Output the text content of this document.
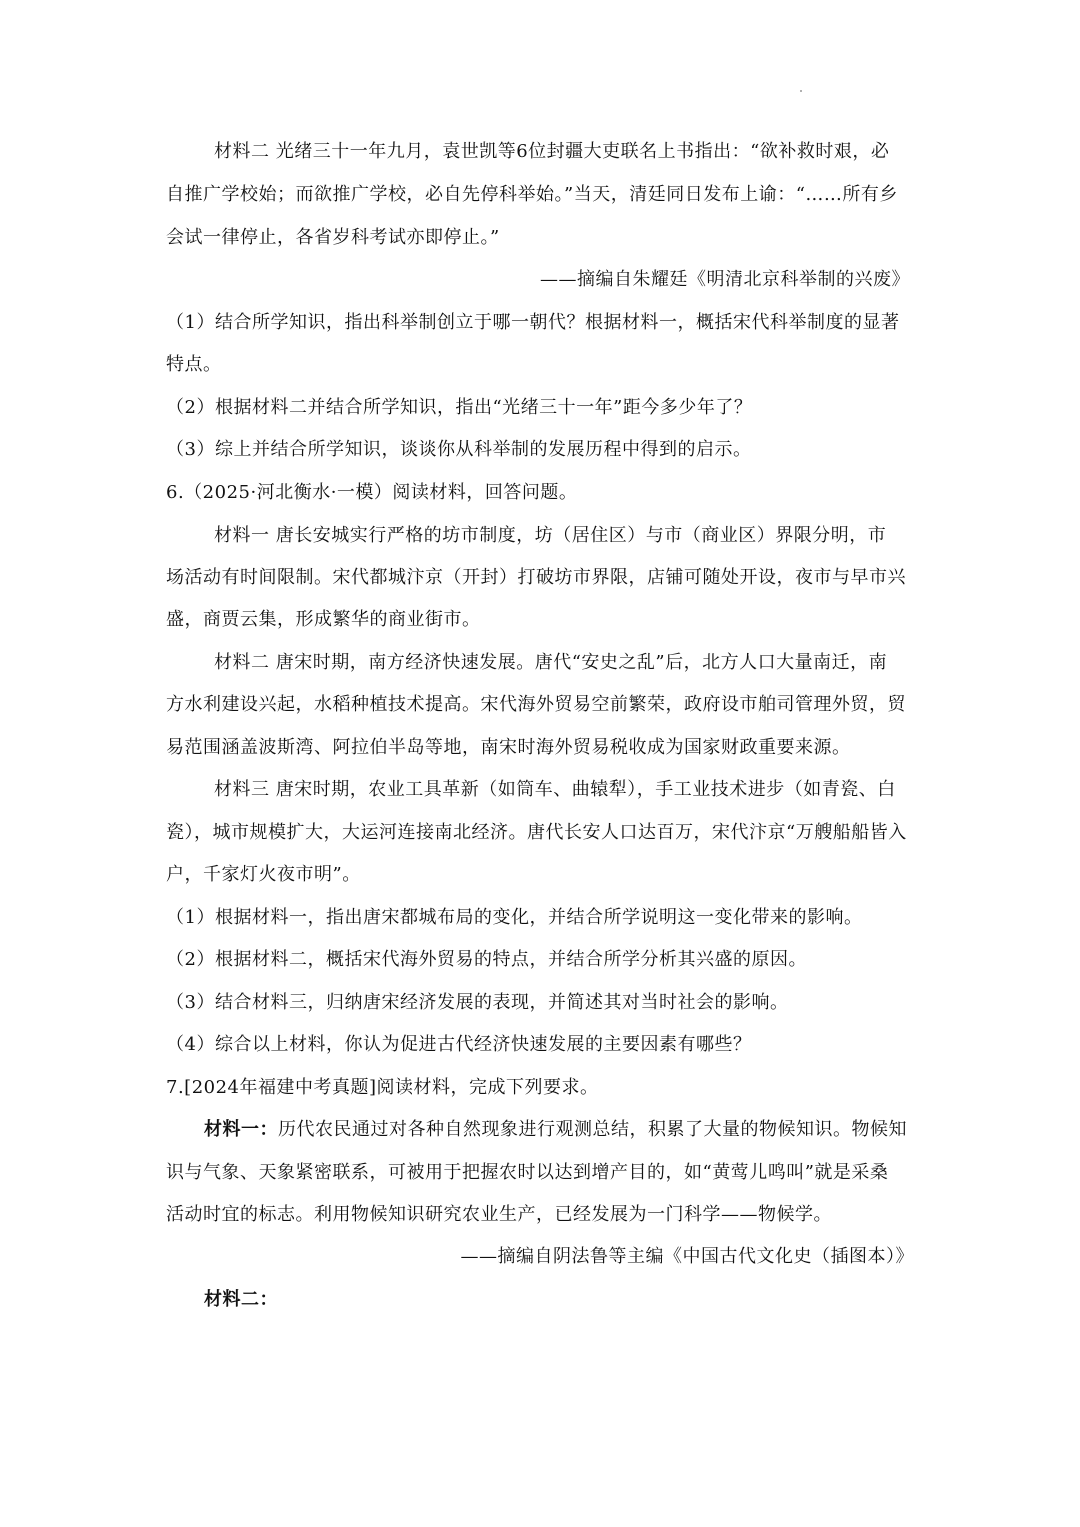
材料二 光绪三十一年九月，袁世凯等6位封疆大吏联名上书指出：“欲补救时艰，必
自推广学校始；而欲推广学校，必自先停科举始。”当天，清廷同日发布上谕：“……所有乡
会试一律停止，各省岁科考试亦即停止。”
——摘编自朱耀廷《明清北京科举制的兴废》
（1）结合所学知识，指出科举制创立于哪一朝代？根据材料一，概括宋代科举制度的显著
特点。
（2）根据材料二并结合所学知识，指出“光绪三十一年”距今多少年了？
（3）综上并结合所学知识，谈谈你从科举制的发展历程中得到的启示。
6.（2025·河北衡水·一模）阅读材料，回答问题。
材料一 唐长安城实行严格的坊市制度，坊（居住区）与市（商业区）界限分明，市
场活动有时间限制。宋代都城汴京（开封）打破坊市界限，店铺可随处开设，夜市与早市兴
盛，商贾云集，形成繁华的商业街市。
材料二 唐宋时期，南方经济快速发展。唐代“安史之乱”后，北方人口大量南迁，南
方水利建设兴起，水稻种植技术提高。宋代海外贸易空前繁荣，政府设市舶司管理外贸，贸
易范围涵盖波斯湾、阿拉伯半岛等地，南宋时海外贸易税收成为国家财政重要来源。
材料三 唐宋时期，农业工具革新（如筒车、曲辕犁），手工业技术进步（如青瓷、白
瓷），城市规模扩大，大运河连接南北经济。唐代长安人口达百万，宋代汴京“万艘船船皆入
户，千家灯火夜市明”。
（1）根据材料一，指出唐宋都城布局的变化，并结合所学说明这一变化带来的影响。
（2）根据材料二，概括宋代海外贸易的特点，并结合所学分析其兴盛的原因。
（3）结合材料三，归纳唐宋经济发展的表现，并简述其对当时社会的影响。
（4）综合以上材料，你认为促进古代经济快速发展的主要因素有哪些？
7.[2024年福建中考真题]阅读材料，完成下列要求。
材料一：历代农民通过对各种自然现象进行观测总结，积累了大量的物候知识。物候知
识与气象、天象紧密联系，可被用于把握农时以达到增产目的，如“黄莺儿鸣叫”就是采桑
活动时宜的标志。利用物候知识研究农业生产，已经发展为一门科学——物候学。
——摘编自阴法鲁等主编《中国古代文化史（插图本）》
材料二：
